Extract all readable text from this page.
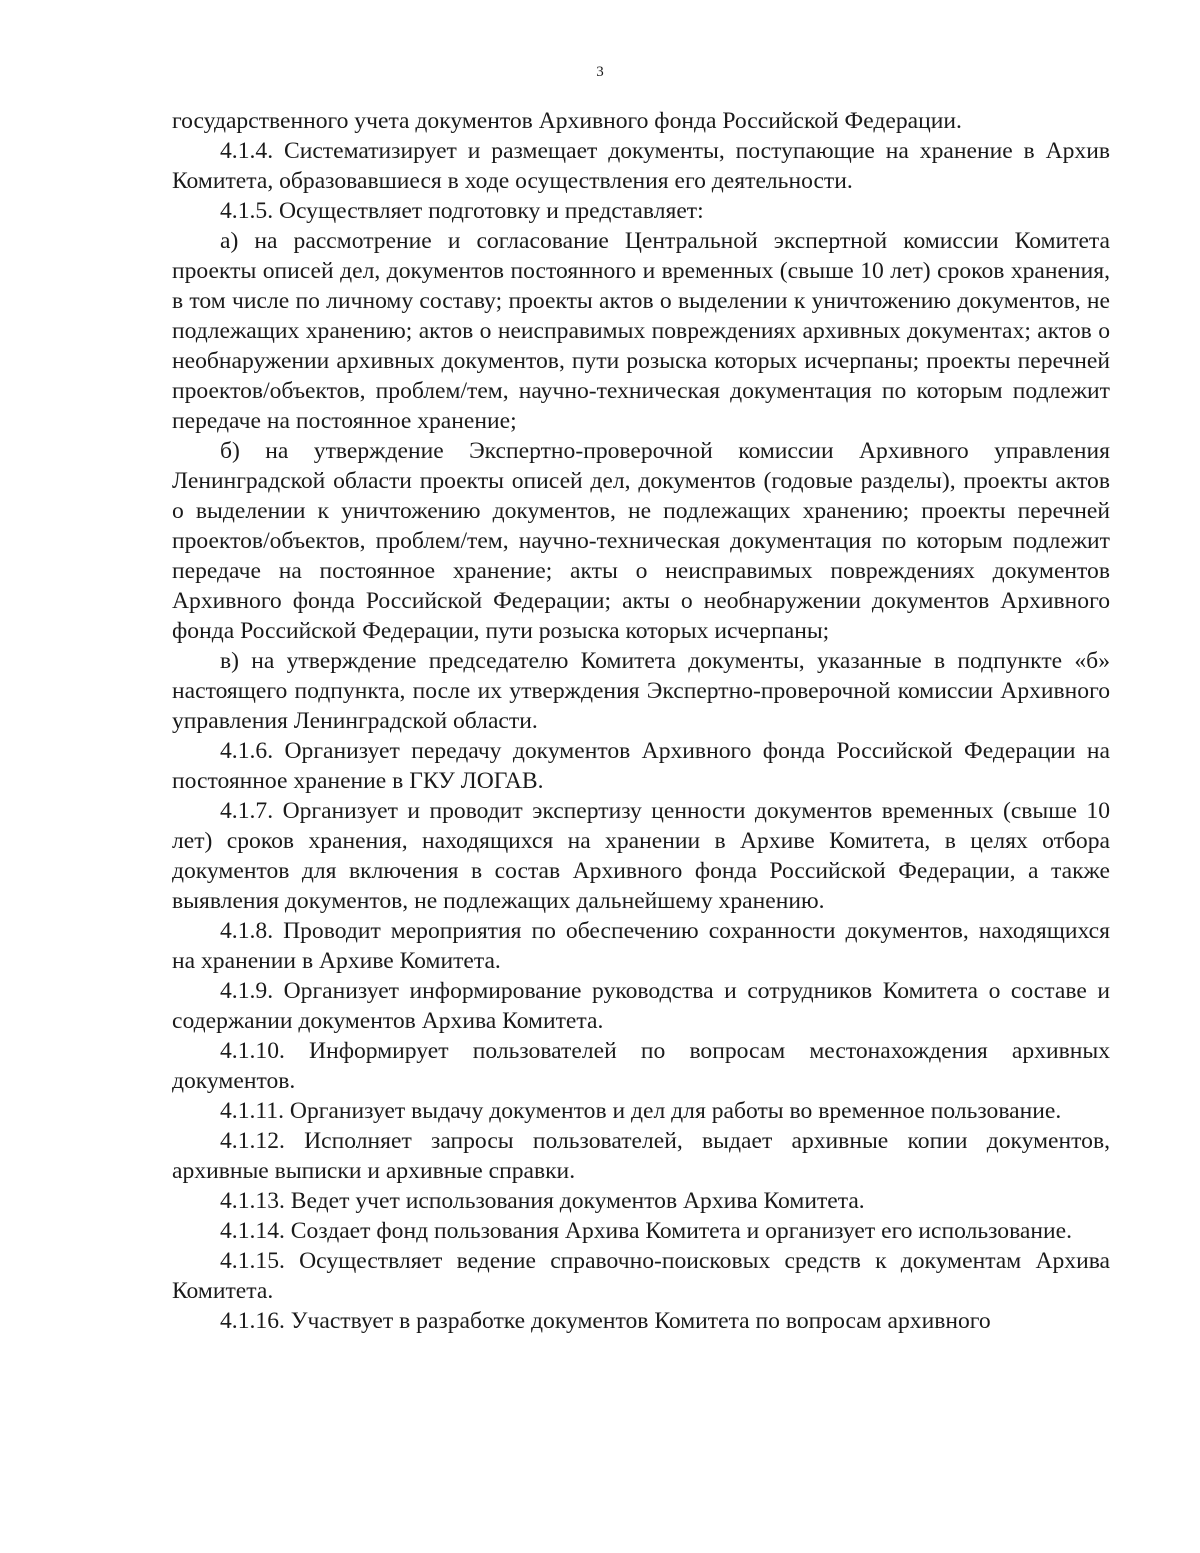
3

государственного учета документов Архивного фонда Российской Федерации.

4.1.4. Систематизирует и размещает документы, поступающие на хранение в Архив Комитета, образовавшиеся в ходе осуществления его деятельности.

4.1.5. Осуществляет подготовку и представляет:

а) на рассмотрение и согласование Центральной экспертной комиссии Комитета проекты описей дел, документов постоянного и временных (свыше 10 лет) сроков хранения, в том числе по личному составу; проекты актов о выделении к уничтожению документов, не подлежащих хранению; актов о неисправимых повреждениях архивных документах; актов о необнаружении архивных документов, пути розыска которых исчерпаны; проекты перечней проектов/объектов, проблем/тем, научно-техническая документация по которым подлежит передаче на постоянное хранение;

б) на утверждение Экспертно-проверочной комиссии Архивного управления Ленинградской области проекты описей дел, документов (годовые разделы), проекты актов о выделении к уничтожению документов, не подлежащих хранению; проекты перечней проектов/объектов, проблем/тем, научно-техническая документация по которым подлежит передаче на постоянное хранение; акты о неисправимых повреждениях документов Архивного фонда Российской Федерации; акты о необнаружении документов Архивного фонда Российской Федерации, пути розыска которых исчерпаны;

в) на утверждение председателю Комитета документы, указанные в подпункте «б» настоящего подпункта, после их утверждения Экспертно-проверочной комиссии Архивного управления Ленинградской области.

4.1.6. Организует передачу документов Архивного фонда Российской Федерации на постоянное хранение в ГКУ ЛОГАВ.

4.1.7. Организует и проводит экспертизу ценности документов временных (свыше 10 лет) сроков хранения, находящихся на хранении в Архиве Комитета, в целях отбора документов для включения в состав Архивного фонда Российской Федерации, а также выявления документов, не подлежащих дальнейшему хранению.

4.1.8. Проводит мероприятия по обеспечению сохранности документов, находящихся на хранении в Архиве Комитета.

4.1.9. Организует информирование руководства и сотрудников Комитета о составе и содержании документов Архива Комитета.

4.1.10. Информирует пользователей по вопросам местонахождения архивных документов.

4.1.11. Организует выдачу документов и дел для работы во временное пользование.

4.1.12. Исполняет запросы пользователей, выдает архивные копии документов, архивные выписки и архивные справки.

4.1.13. Ведет учет использования документов Архива Комитета.

4.1.14. Создает фонд пользования Архива Комитета и организует его использование.

4.1.15. Осуществляет ведение справочно-поисковых средств к документам Архива Комитета.

4.1.16. Участвует в разработке документов Комитета по вопросам архивного
